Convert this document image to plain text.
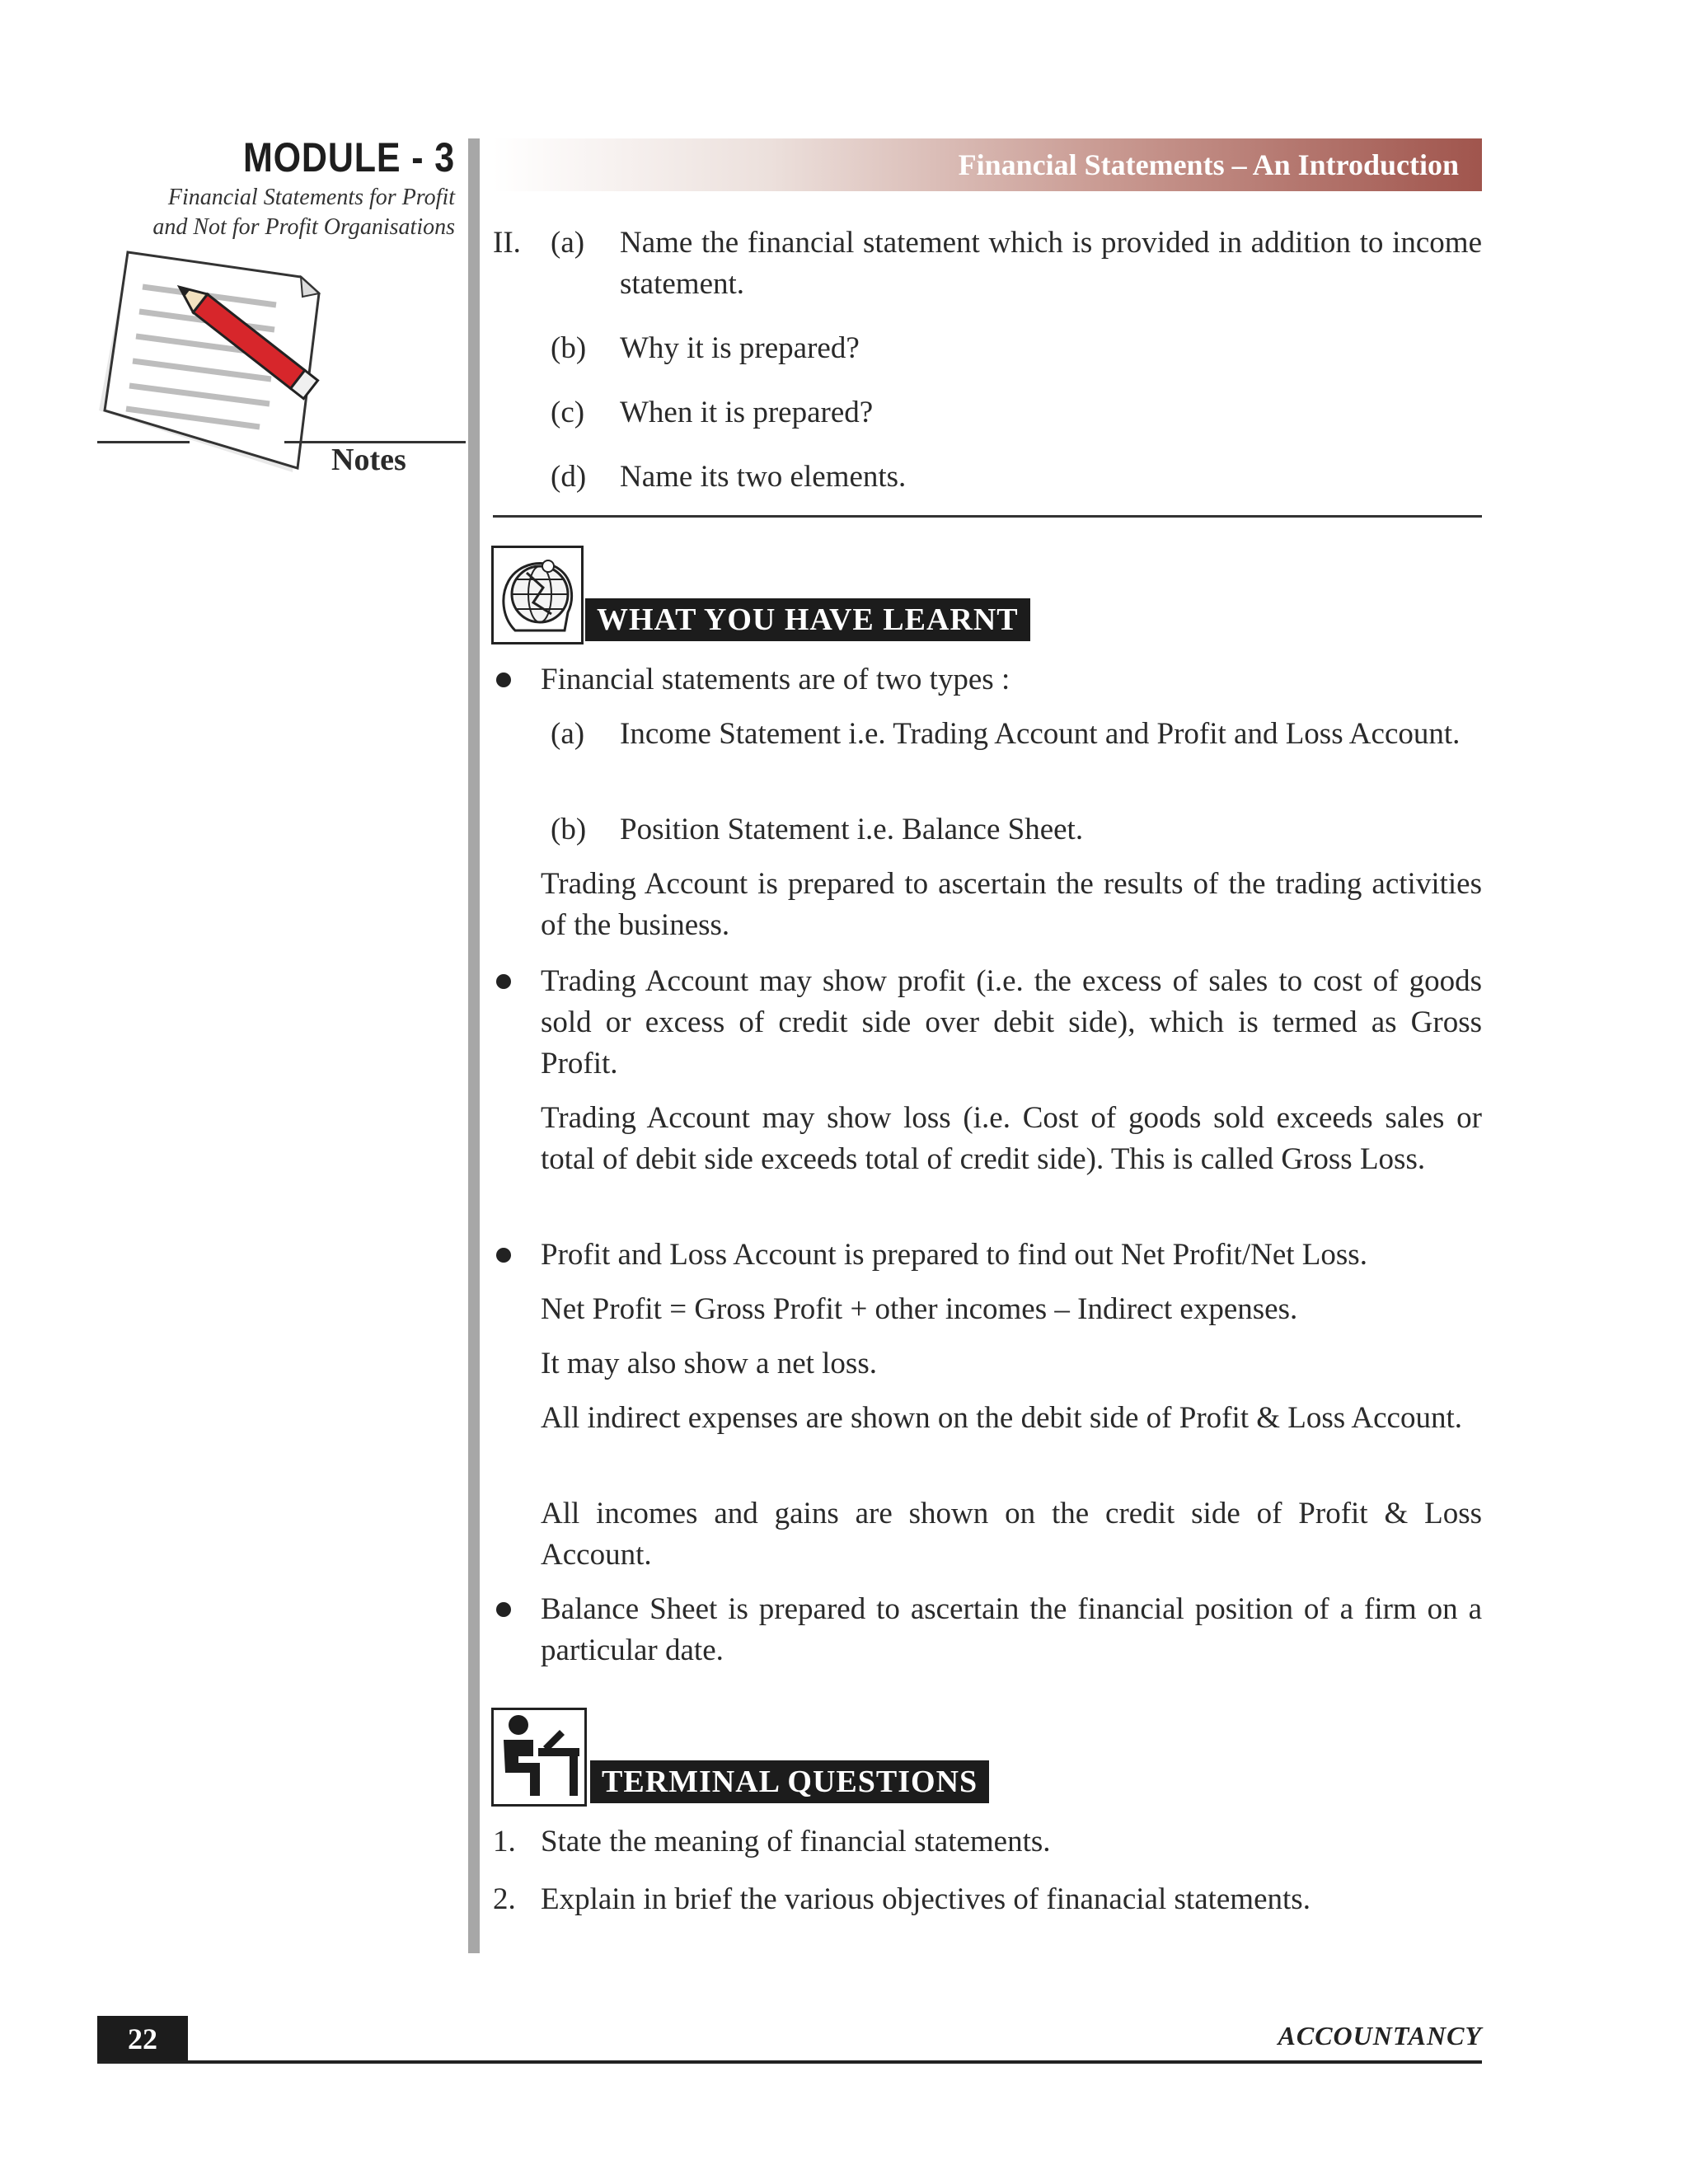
MODULE - 3
Financial Statements for Profit
and Not for Profit Organisations
Notes
Financial Statements – An Introduction
II. (a) Name the financial statement which is provided in addition to income statement.
(b) Why it is prepared?
(c) When it is prepared?
(d) Name its two elements.
WHAT YOU HAVE LEARNT
Financial statements are of two types :
(a) Income Statement i.e. Trading Account and Profit and Loss Account.
(b) Position Statement i.e. Balance Sheet.
Trading Account is prepared to ascertain the results of the trading activities of the business.
Trading Account may show profit (i.e. the excess of sales to cost of goods sold or excess of credit side over debit side), which is termed as Gross Profit.
Trading Account may show loss (i.e. Cost of goods sold exceeds sales or total of debit side exceeds total of credit side). This is called Gross Loss.
Profit and Loss Account is prepared to find out Net Profit/Net Loss.
Net Profit = Gross Profit + other incomes – Indirect expenses.
It may also show a net loss.
All indirect expenses are shown on the debit side of Profit & Loss Account.
All incomes and gains are shown on the credit side of Profit & Loss Account.
Balance Sheet is prepared to ascertain the financial position of a firm on a particular date.
TERMINAL QUESTIONS
1. State the meaning of financial statements.
2. Explain in brief the various objectives of finanacial statements.
22	ACCOUNTANCY
